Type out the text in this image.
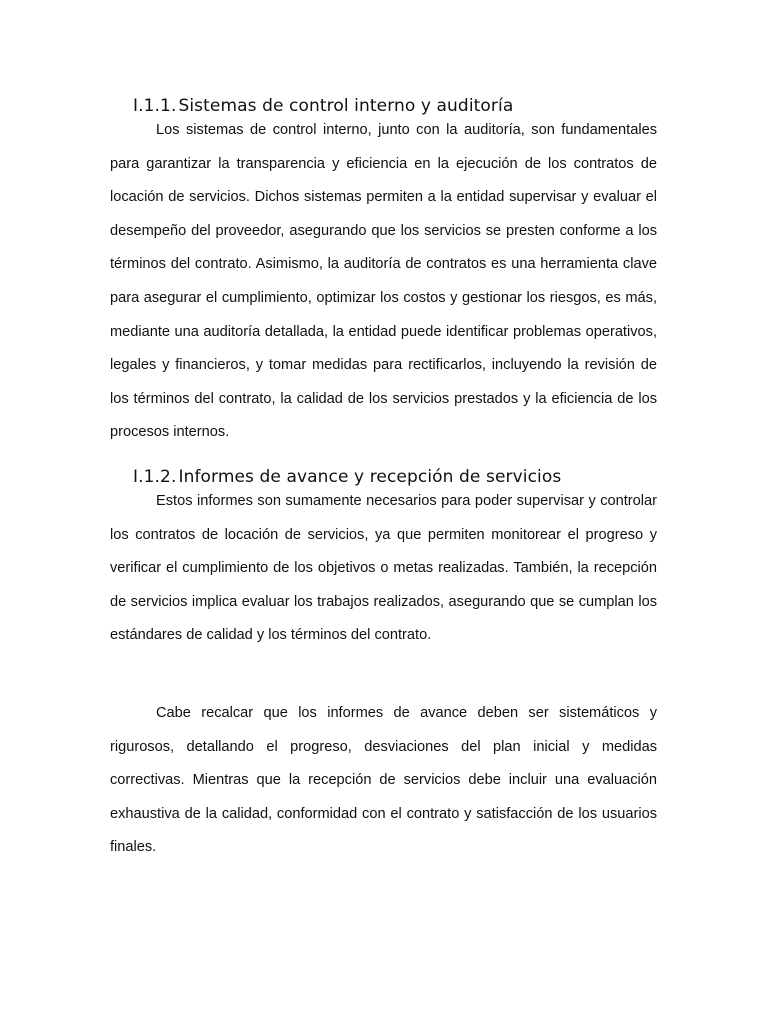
I.1.1. Sistemas de control interno y auditoría

Los sistemas de control interno, junto con la auditoría, son fundamentales para garantizar la transparencia y eficiencia en la ejecución de los contratos de locación de servicios. Dichos sistemas permiten a la entidad supervisar y evaluar el desempeño del proveedor, asegurando que los servicios se presten conforme a los términos del contrato. Asimismo, la auditoría de contratos es una herramienta clave para asegurar el cumplimiento, optimizar los costos y gestionar los riesgos, es más, mediante una auditoría detallada, la entidad puede identificar problemas operativos, legales y financieros, y tomar medidas para rectificarlos, incluyendo la revisión de los términos del contrato, la calidad de los servicios prestados y la eficiencia de los procesos internos.

I.1.2. Informes de avance y recepción de servicios

Estos informes son sumamente necesarios para poder supervisar y controlar los contratos de locación de servicios, ya que permiten monitorear el progreso y verificar el cumplimiento de los objetivos o metas realizadas. También, la recepción de servicios implica evaluar los trabajos realizados, asegurando que se cumplan los estándares de calidad y los términos del contrato.

Cabe recalcar que los informes de avance deben ser sistemáticos y rigurosos, detallando el progreso, desviaciones del plan inicial y medidas correctivas. Mientras que la recepción de servicios debe incluir una evaluación exhaustiva de la calidad, conformidad con el contrato y satisfacción de los usuarios finales.
